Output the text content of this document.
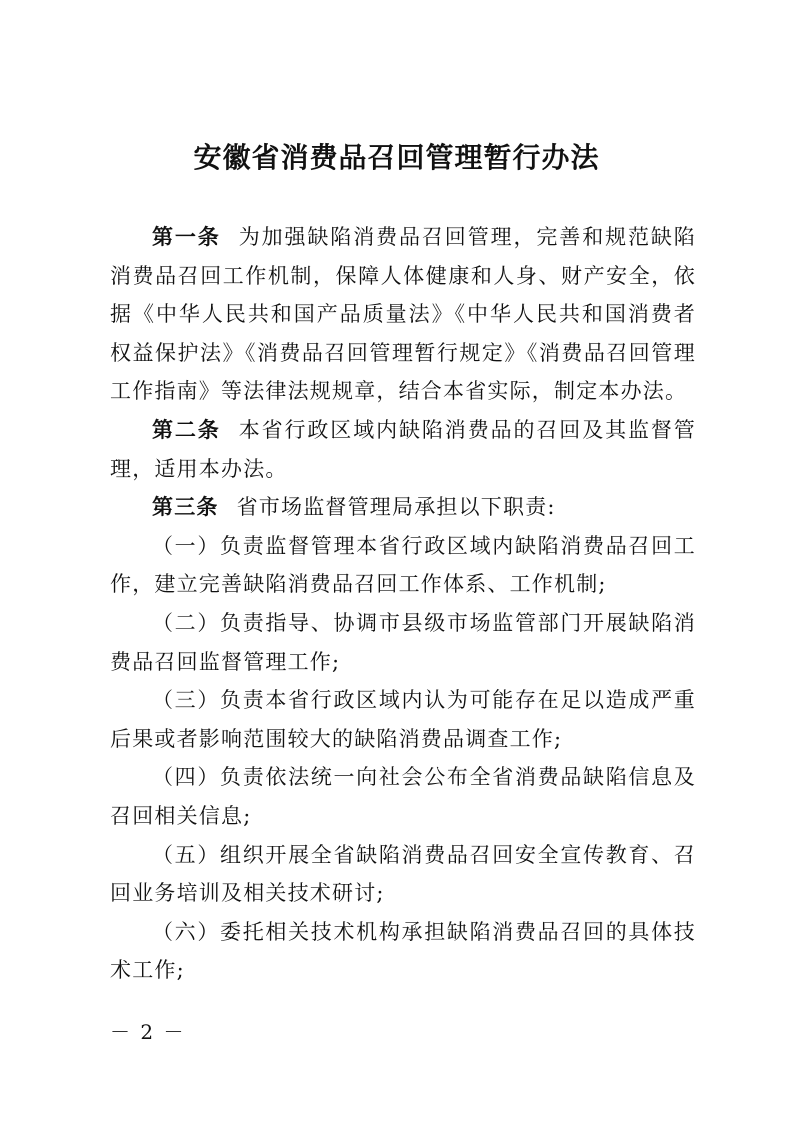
安徽省消费品召回管理暂行办法

第一条 为加强缺陷消费品召回管理，完善和规范缺陷消费品召回工作机制，保障人体健康和人身、财产安全，依据《中华人民共和国产品质量法》《中华人民共和国消费者权益保护法》《消费品召回管理暂行规定》《消费品召回管理工作指南》等法律法规规章，结合本省实际，制定本办法。

第二条 本省行政区域内缺陷消费品的召回及其监督管理，适用本办法。

第三条 省市场监督管理局承担以下职责:

（一）负责监督管理本省行政区域内缺陷消费品召回工作，建立完善缺陷消费品召回工作体系、工作机制;

（二）负责指导、协调市县级市场监管部门开展缺陷消费品召回监督管理工作;

（三）负责本省行政区域内认为可能存在足以造成严重后果或者影响范围较大的缺陷消费品调查工作;

（四）负责依法统一向社会公布全省消费品缺陷信息及召回相关信息;

（五）组织开展全省缺陷消费品召回安全宣传教育、召回业务培训及相关技术研讨;

（六）委托相关技术机构承担缺陷消费品召回的具体技术工作;

－ 2 －
